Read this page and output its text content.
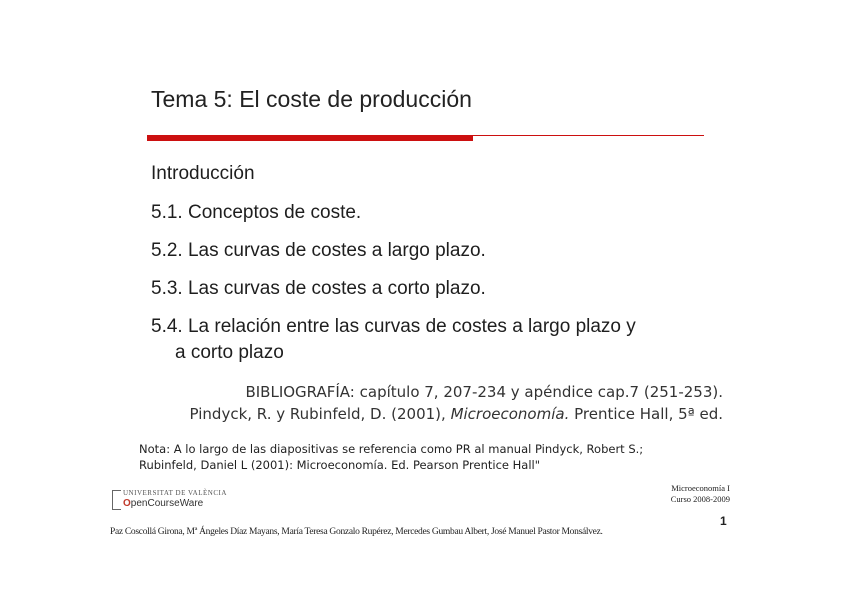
Tema 5: El coste de producción

Introducción

5.1. Conceptos de coste.

5.2. Las curvas de costes a largo plazo.

5.3. Las curvas de costes a corto plazo.

5.4. La relación entre las curvas de costes a largo plazo y

a corto plazo

BIBLIOGRAFÍA: capítulo 7, 207-234 y apéndice cap.7 (251-253).
Pindyck, R. y Rubinfeld, D. (2001), Microeconomía. Prentice Hall, 5ª ed.
Nota: A lo largo de las diapositivas se referencia como PR al manual Pindyck, Robert S.;
Rubinfeld, Daniel L (2001): Microeconomía. Ed. Pearson Prentice Hall"
UNIVERSITAT DE VALÈNCIA
OpenCourseWare
Microeconomía I
Curso 2008-2009
1
Paz Coscollá Girona, Mª Ángeles Díaz Mayans, María Teresa Gonzalo Rupérez, Mercedes Gumbau Albert, José Manuel Pastor Monsálvez.
